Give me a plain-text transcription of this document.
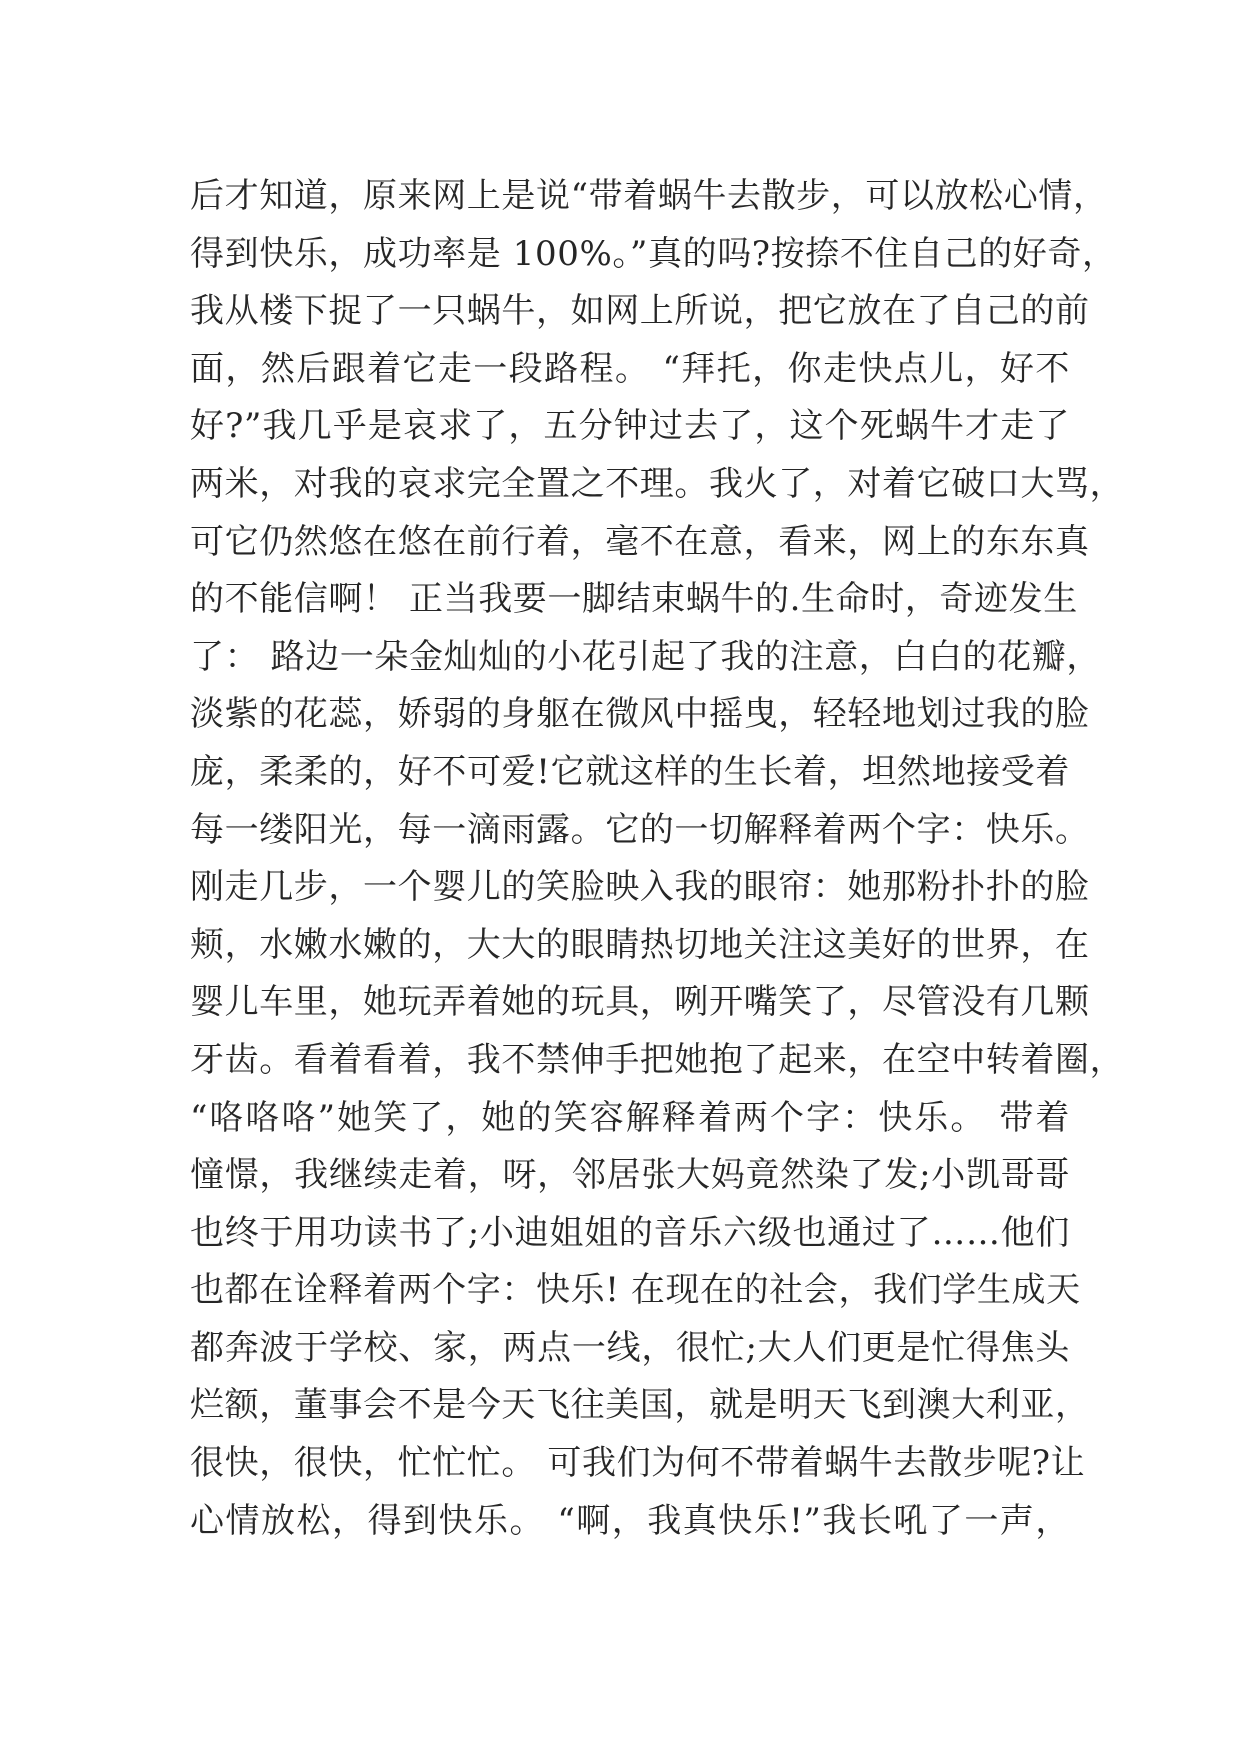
后才知道，原来网上是说“带着蜗牛去散步，可以放松心情，
得到快乐，成功率是 100%。”真的吗?按捺不住自己的好奇，
我从楼下捉了一只蜗牛，如网上所说，把它放在了自己的前
面，然后跟着它走一段路程。 “拜托，你走快点儿，好不
好?”我几乎是哀求了，五分钟过去了，这个死蜗牛才走了
两米，对我的哀求完全置之不理。我火了，对着它破口大骂，
可它仍然悠在悠在前行着，毫不在意，看来，网上的东东真
的不能信啊！ 正当我要一脚结束蜗牛的.生命时，奇迹发生
了： 路边一朵金灿灿的小花引起了我的注意，白白的花瓣，
淡紫的花蕊，娇弱的身躯在微风中摇曳，轻轻地划过我的脸
庞，柔柔的，好不可爱!它就这样的生长着，坦然地接受着
每一缕阳光，每一滴雨露。它的一切解释着两个字：快乐。
刚走几步，一个婴儿的笑脸映入我的眼帘：她那粉扑扑的脸
颊，水嫩水嫩的，大大的眼睛热切地关注这美好的世界，在
婴儿车里，她玩弄着她的玩具，咧开嘴笑了，尽管没有几颗
牙齿。看着看着，我不禁伸手把她抱了起来，在空中转着圈，
“咯咯咯”她笑了，她的笑容解释着两个字：快乐。 带着
憧憬，我继续走着，呀，邻居张大妈竟然染了发;小凯哥哥
也终于用功读书了;小迪姐姐的音乐六级也通过了……他们
也都在诠释着两个字：快乐! 在现在的社会，我们学生成天
都奔波于学校、家，两点一线，很忙;大人们更是忙得焦头
烂额，董事会不是今天飞往美国，就是明天飞到澳大利亚，
很快，很快，忙忙忙。 可我们为何不带着蜗牛去散步呢?让
心情放松，得到快乐。 “啊，我真快乐!”我长吼了一声，
